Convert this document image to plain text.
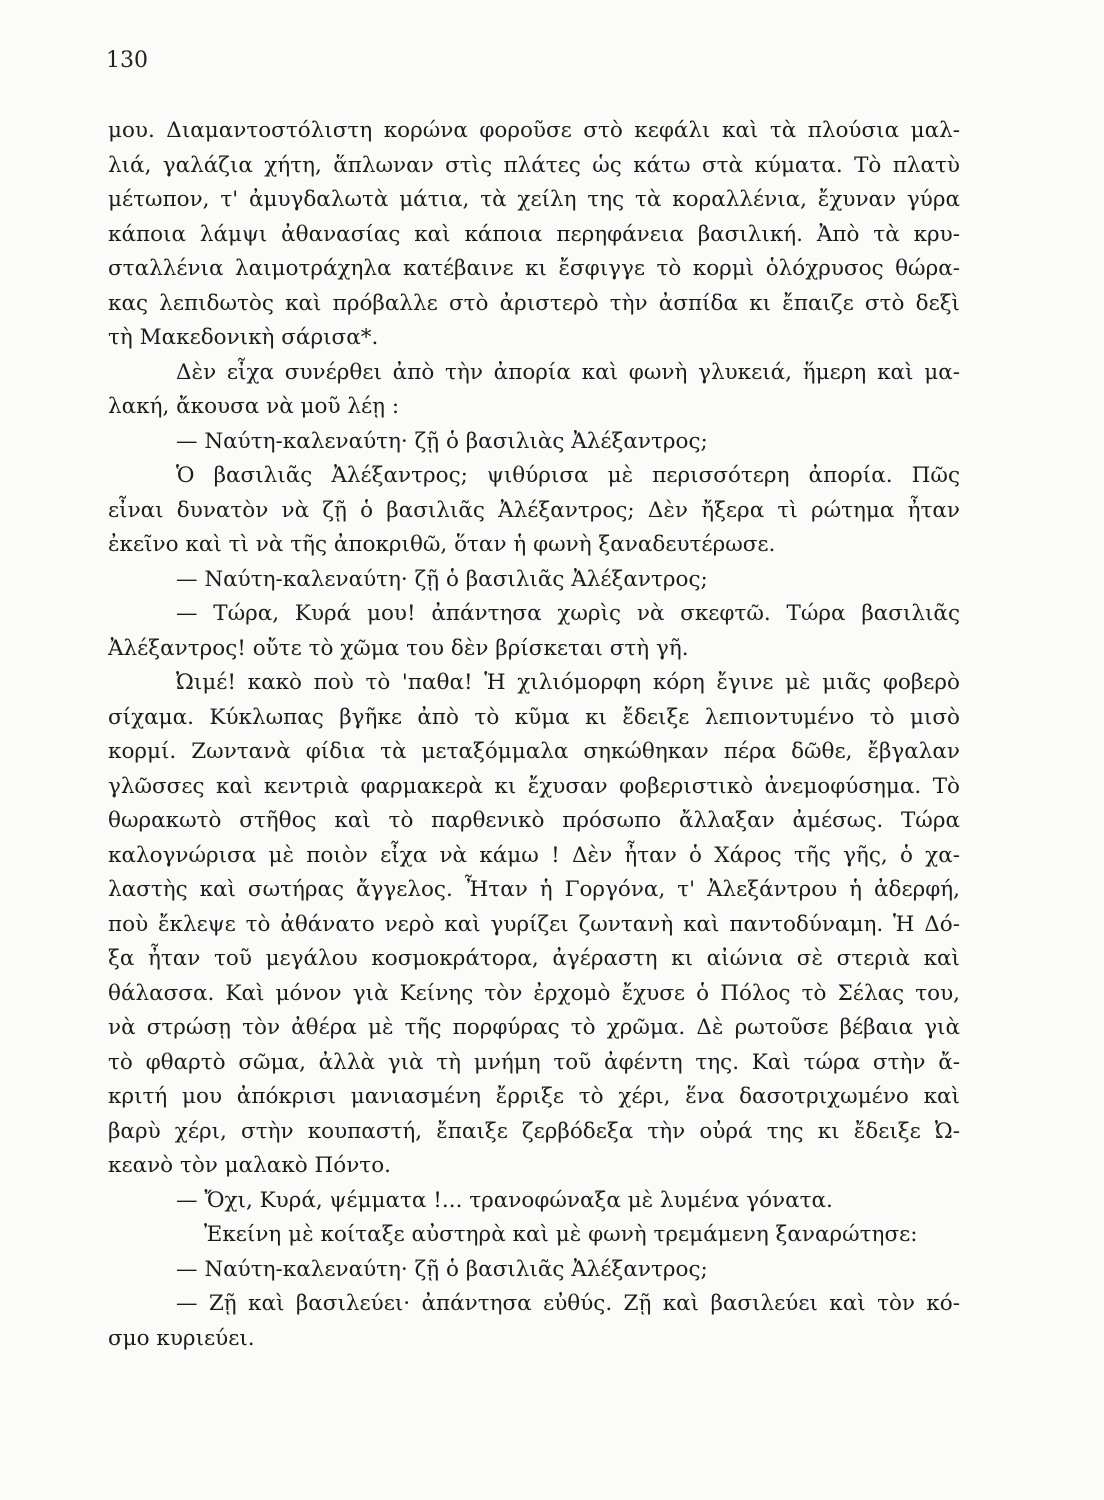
130
μου. Διαμαντοστόλιστη κορώνα φοροῦσε στὸ κεφάλι καὶ τὰ πλούσια μαλ-
λιά, γαλάζια χήτη, ἅπλωναν στὶς πλάτες ὡς κάτω στὰ κύματα. Τὸ πλατὺ
μέτωπον, τ' ἀμυγδαλωτὰ μάτια, τὰ χείλη της τὰ κοραλλένια, ἔχυναν γύρα
κάποια λάμψι ἀθανασίας καὶ κάποια περηφάνεια βασιλική. Ἀπὸ τὰ κρυ-
σταλλένια λαιμοτράχηλα κατέβαινε κι ἔσφιγγε τὸ κορμὶ ὁλόχρυσος θώρα-
κας λεπιδωτὸς καὶ πρόβαλλε στὸ ἀριστερὸ τὴν ἀσπίδα κι ἔπαιζε στὸ δεξὶ
τὴ Μακεδονικὴ σάρισα*.
Δὲν εἶχα συνέρθει ἀπὸ τὴν ἀπορία καὶ φωνὴ γλυκειά, ἥμερη καὶ μα-
λακή, ἄκουσα νὰ μοῦ λέῃ :
— Ναύτη-καλεναύτη· ζῇ ὁ βασιλιὰς Ἀλέξαντρος;
Ὁ βασιλιᾶς Ἀλέξαντρος; ψιθύρισα μὲ περισσότερη ἀπορία. Πῶς
εἶναι δυνατὸν νὰ ζῇ ὁ βασιλιᾶς Ἀλέξαντρος; Δὲν ἤξερα τὶ ρώτημα ἦταν
ἐκεῖνο καὶ τὶ νὰ τῆς ἀποκριθῶ, ὅταν ἡ φωνὴ ξαναδευτέρωσε.
— Ναύτη-καλεναύτη· ζῇ ὁ βασιλιᾶς Ἀλέξαντρος;
— Τώρα, Κυρά μου! ἀπάντησα χωρὶς νὰ σκεφτῶ. Τώρα βασιλιᾶς
Ἀλέξαντρος! οὔτε τὸ χῶμα του δὲν βρίσκεται στὴ γῆ.
Ὠιμέ! κακὸ ποὺ τὸ 'παθα! Ἡ χιλιόμορφη κόρη ἔγινε μὲ μιᾶς φοβερὸ
σίχαμα. Κύκλωπας βγῆκε ἀπὸ τὸ κῦμα κι ἔδειξε λεπιοντυμένο τὸ μισὸ
κορμί. Ζωντανὰ φίδια τὰ μεταξόμμαλα σηκώθηκαν πέρα δῶθε, ἔβγαλαν
γλῶσσες καὶ κεντριὰ φαρμακερὰ κι ἔχυσαν φοβεριστικὸ ἀνεμοφύσημα. Τὸ
θωρακωτὸ στῆθος καὶ τὸ παρθενικὸ πρόσωπο ἄλλαξαν ἀμέσως. Τώρα
καλογνώρισα μὲ ποιὸν εἶχα νὰ κάμω ! Δὲν ἦταν ὁ Χάρος τῆς γῆς, ὁ χα-
λαστὴς καὶ σωτήρας ἄγγελος. Ἦταν ἡ Γοργόνα, τ' Ἀλεξάντρου ἡ ἀδερφή,
ποὺ ἔκλεψε τὸ ἀθάνατο νερὸ καὶ γυρίζει ζωντανὴ καὶ παντοδύναμη. Ἡ Δό-
ξα ἦταν τοῦ μεγάλου κοσμοκράτορα, ἀγέραστη κι αἰώνια σὲ στεριὰ καὶ
θάλασσα. Καὶ μόνον γιὰ Κείνης τὸν ἐρχομὸ ἔχυσε ὁ Πόλος τὸ Σέλας του,
νὰ στρώσῃ τὸν ἀθέρα μὲ τῆς πορφύρας τὸ χρῶμα. Δὲ ρωτοῦσε βέβαια γιὰ
τὸ φθαρτὸ σῶμα, ἀλλὰ γιὰ τὴ μνήμη τοῦ ἀφέντη της. Καὶ τώρα στὴν ἄ-
κριτή μου ἀπόκρισι μανιασμένη ἔρριξε τὸ χέρι, ἕνα δασοτριχωμένο καὶ
βαρὺ χέρι, στὴν κουπαστή, ἔπαιξε ζερβόδεξα τὴν οὐρά της κι ἔδειξε Ὠ-
κεανὸ τὸν μαλακὸ Πόντο.
— Ὄχι, Κυρά, ψέμματα !... τρανοφώναξα μὲ λυμένα γόνατα.
Ἐκείνη μὲ κοίταξε αὐστηρὰ καὶ μὲ φωνὴ τρεμάμενη ξαναρώτησε:
— Ναύτη-καλεναύτη· ζῇ ὁ βασιλιᾶς Ἀλέξαντρος;
— Ζῇ καὶ βασιλεύει· ἀπάντησα εὐθύς. Ζῇ καὶ βασιλεύει καὶ τὸν κό-
σμο κυριεύει.
